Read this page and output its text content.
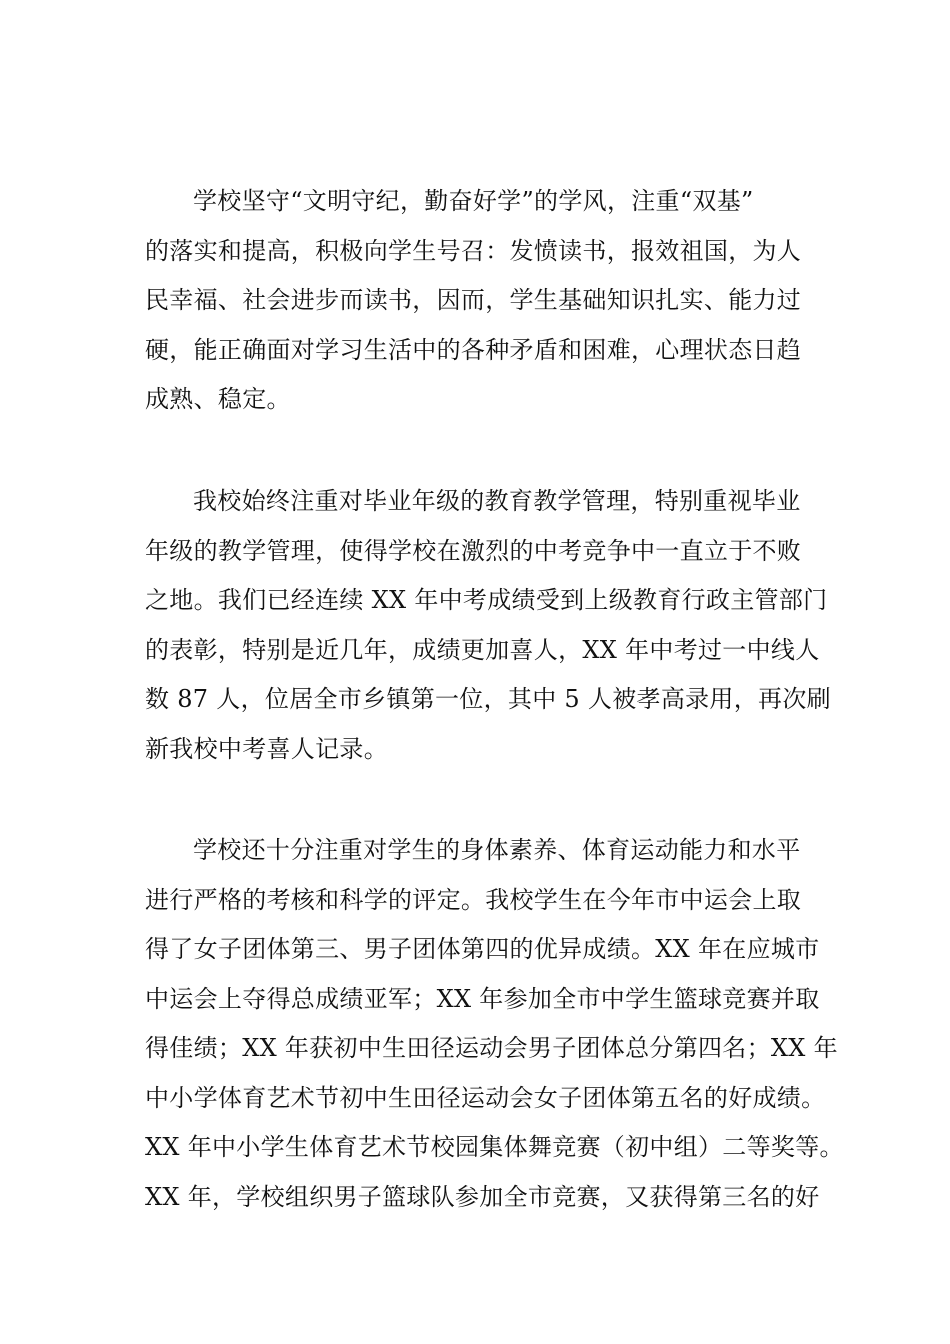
学校坚守“文明守纪，勤奋好学”的学风，注重“双基”
的落实和提高，积极向学生号召：发愤读书，报效祖国，为人
民幸福、社会进步而读书，因而，学生基础知识扎实、能力过
硬，能正确面对学习生活中的各种矛盾和困难，心理状态日趋
成熟、稳定。
我校始终注重对毕业年级的教育教学管理，特别重视毕业
年级的教学管理，使得学校在激烈的中考竞争中一直立于不败
之地。我们已经连续 XX 年中考成绩受到上级教育行政主管部门
的表彰，特别是近几年，成绩更加喜人，XX 年中考过一中线人
数 87 人，位居全市乡镇第一位，其中 5 人被孝高录用，再次刷
新我校中考喜人记录。
学校还十分注重对学生的身体素养、体育运动能力和水平
进行严格的考核和科学的评定。我校学生在今年市中运会上取
得了女子团体第三、男子团体第四的优异成绩。XX 年在应城市
中运会上夺得总成绩亚军；XX 年参加全市中学生篮球竞赛并取
得佳绩；XX 年获初中生田径运动会男子团体总分第四名；XX 年
中小学体育艺术节初中生田径运动会女子团体第五名的好成绩。
XX 年中小学生体育艺术节校园集体舞竞赛（初中组）二等奖等。
XX 年，学校组织男子篮球队参加全市竞赛，又获得第三名的好
